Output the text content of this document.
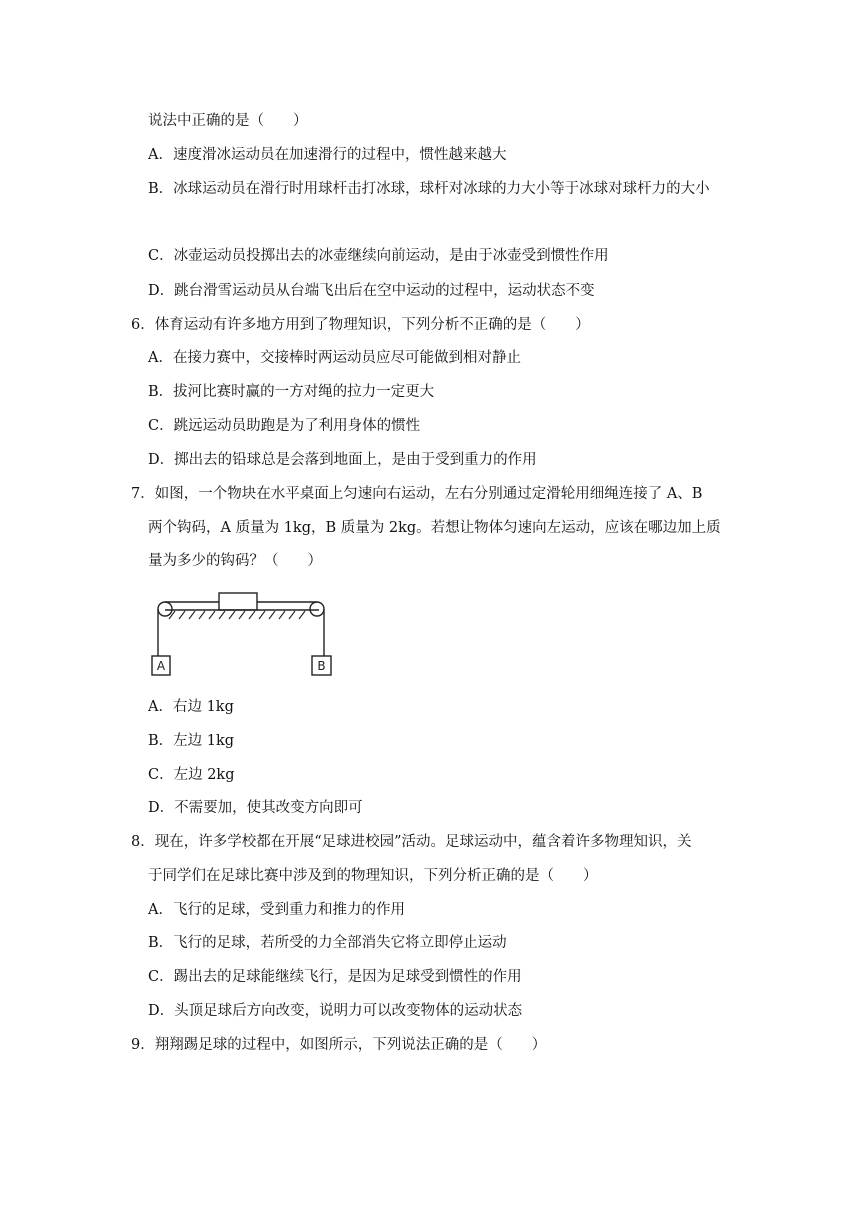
说法中正确的是（　　）
A．速度滑冰运动员在加速滑行的过程中，惯性越来越大
B．冰球运动员在滑行时用球杆击打冰球，球杆对冰球的力大小等于冰球对球杆力的大小
C．冰壶运动员投掷出去的冰壶继续向前运动，是由于冰壶受到惯性作用
D．跳台滑雪运动员从台端飞出后在空中运动的过程中，运动状态不变
6．体育运动有许多地方用到了物理知识，下列分析不正确的是（　　）
A．在接力赛中，交接棒时两运动员应尽可能做到相对静止
B．拔河比赛时赢的一方对绳的拉力一定更大
C．跳远运动员助跑是为了利用身体的惯性
D．掷出去的铅球总是会落到地面上，是由于受到重力的作用
7．如图，一个物块在水平桌面上匀速向右运动，左右分别通过定滑轮用细绳连接了 A、B
两个钩码，A 质量为 1kg，B 质量为 2kg。若想让物体匀速向左运动，应该在哪边加上质
量为多少的钩码？（　　）
A	B
A．右边 1kg
B．左边 1kg
C．左边 2kg
D．不需要加，使其改变方向即可
8．现在，许多学校都在开展“足球进校园”活动。足球运动中，蕴含着许多物理知识，关
于同学们在足球比赛中涉及到的物理知识，下列分析正确的是（　　）
A．飞行的足球，受到重力和推力的作用
B．飞行的足球，若所受的力全部消失它将立即停止运动
C．踢出去的足球能继续飞行，是因为足球受到惯性的作用
D．头顶足球后方向改变，说明力可以改变物体的运动状态
9．翔翔踢足球的过程中，如图所示，下列说法正确的是（　　）
